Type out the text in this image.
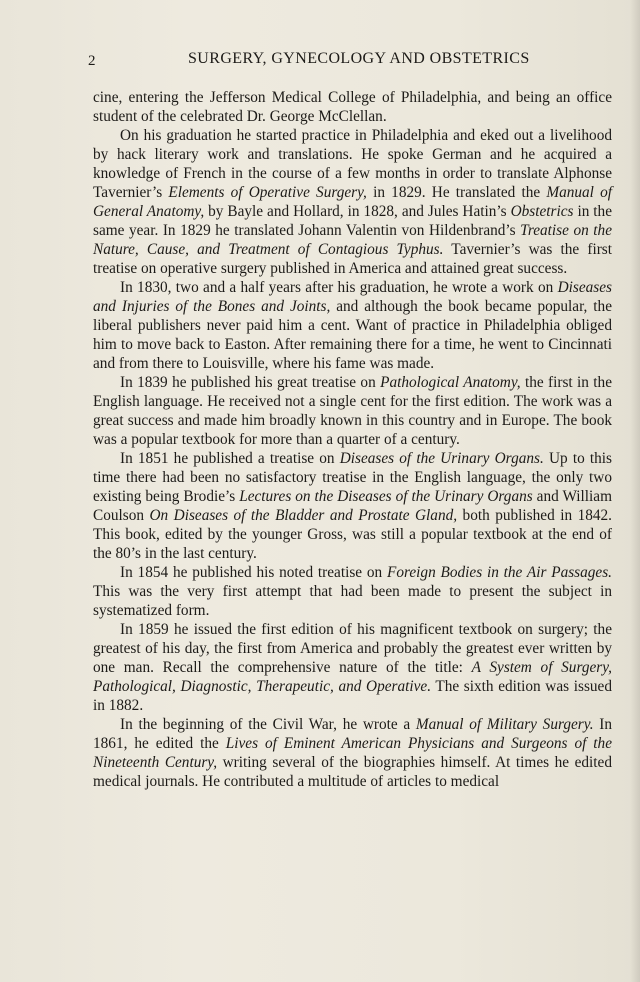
2	SURGERY, GYNECOLOGY AND OBSTETRICS

cine, entering the Jefferson Medical College of Philadelphia, and being an office student of the celebrated Dr. George McClellan.

On his graduation he started practice in Philadelphia and eked out a livelihood by hack literary work and translations. He spoke German and he acquired a knowledge of French in the course of a few months in order to translate Alphonse Tavernier’s Elements of Operative Surgery, in 1829. He translated the Manual of General Anatomy, by Bayle and Hollard, in 1828, and Jules Hatin’s Obstetrics in the same year. In 1829 he translated Johann Valentin von Hildenbrand’s Treatise on the Nature, Cause, and Treatment of Contagious Typhus. Tavernier’s was the first treatise on operative surgery published in America and attained great success.

In 1830, two and a half years after his graduation, he wrote a work on Diseases and Injuries of the Bones and Joints, and although the book became popular, the liberal publishers never paid him a cent. Want of practice in Philadelphia obliged him to move back to Easton. After remaining there for a time, he went to Cincinnati and from there to Louisville, where his fame was made.

In 1839 he published his great treatise on Pathological Anatomy, the first in the English language. He received not a single cent for the first edition. The work was a great success and made him broadly known in this country and in Europe. The book was a popular textbook for more than a quarter of a century.

In 1851 he published a treatise on Diseases of the Urinary Organs. Up to this time there had been no satisfactory treatise in the English language, the only two existing being Brodie’s Lectures on the Diseases of the Urinary Organs and William Coulson On Diseases of the Bladder and Prostate Gland, both published in 1842. This book, edited by the younger Gross, was still a popular textbook at the end of the 80’s in the last century.

In 1854 he published his noted treatise on Foreign Bodies in the Air Passages. This was the very first attempt that had been made to present the subject in systematized form.

In 1859 he issued the first edition of his magnificent textbook on surgery; the greatest of his day, the first from America and probably the greatest ever written by one man. Recall the comprehensive nature of the title: A System of Surgery, Pathological, Diagnostic, Therapeutic, and Operative. The sixth edition was issued in 1882.

In the beginning of the Civil War, he wrote a Manual of Military Surgery. In 1861, he edited the Lives of Eminent American Physicians and Surgeons of the Nineteenth Century, writing several of the biographies himself. At times he edited medical journals. He contributed a multitude of articles to medical
